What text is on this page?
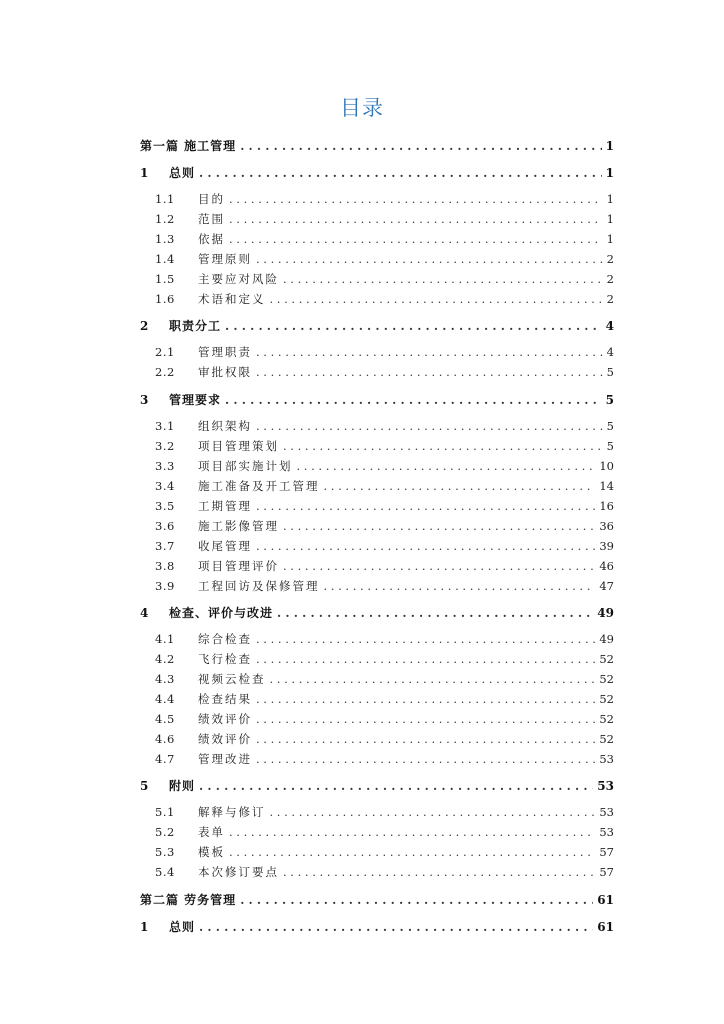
目录
第一篇 施工管理 . . .	1
1	总则 . . .	1
1.1	目的 . . .	1
1.2	范围 . . .	1
1.3	依据 . . .	1
1.4	管理原则 . . .	2
1.5	主要应对风险 . . .	2
1.6	术语和定义 . . .	2
2	职责分工 . . .	4
2.1	管理职责 . . .	4
2.2	审批权限 . . .	5
3	管理要求 . . .	5
3.1	组织架构 . . .	5
3.2	项目管理策划 . . .	5
3.3	项目部实施计划 . . .	10
3.4	施工准备及开工管理 . . .	14
3.5	工期管理 . . .	16
3.6	施工影像管理 . . .	36
3.7	收尾管理 . . .	39
3.8	项目管理评价 . . .	46
3.9	工程回访及保修管理 . . .	47
4	检查、评价与改进 . . .	49
4.1	综合检查 . . .	49
4.2	飞行检查 . . .	52
4.3	视频云检查 . . .	52
4.4	检查结果 . . .	52
4.5	绩效评价 . . .	52
4.6	绩效评价 . . .	52
4.7	管理改进 . . .	53
5	附则 . . .	53
5.1	解释与修订 . . .	53
5.2	表单 . . .	53
5.3	模板 . . .	57
5.4	本次修订要点 . . .	57
第二篇 劳务管理 . . .	61
1	总则 . . .	61
